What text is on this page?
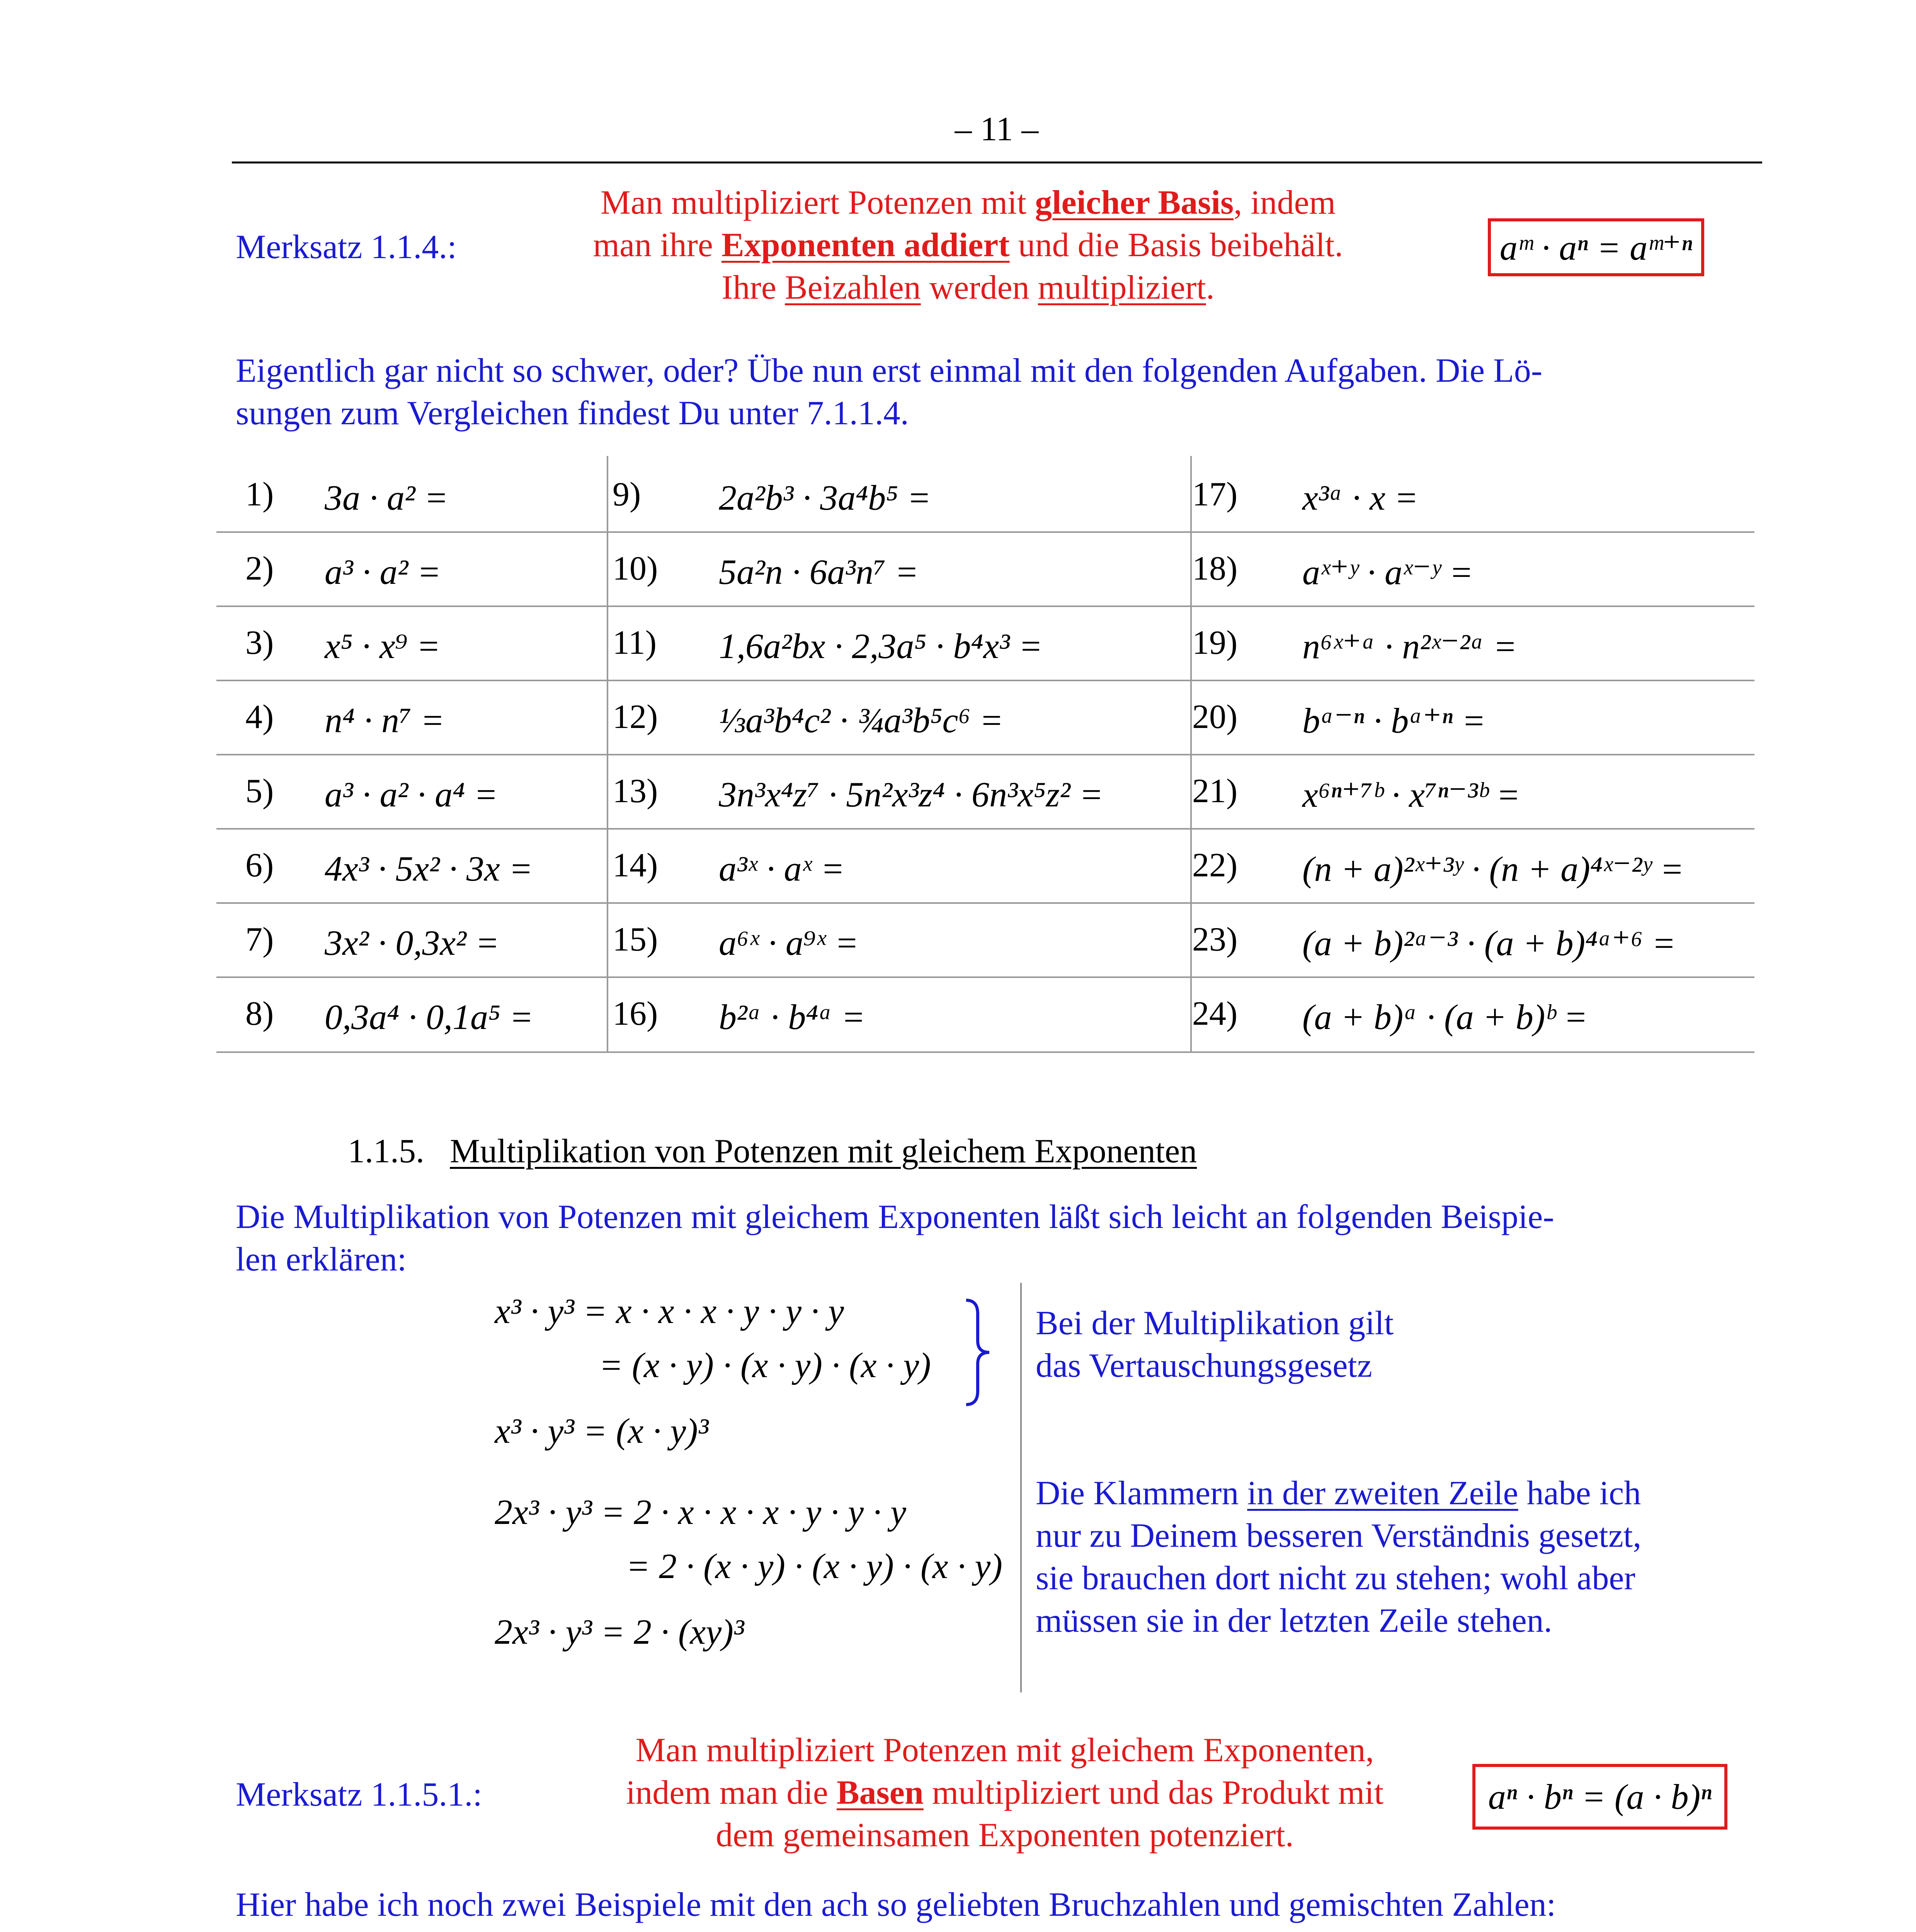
– 11 –
Merksatz 1.1.4.:
Man multipliziert Potenzen mit gleicher Basis, indem
man ihre Exponenten addiert und die Basis beibehält.
Ihre Beizahlen werden multipliziert.
aᵐ · aⁿ = aᵐ⁺ⁿ
Eigentlich gar nicht so schwer, oder? Übe nun erst einmal mit den folgenden Aufgaben. Die Lö-
sungen zum Vergleichen findest Du unter 7.1.1.4.
1) 3a · a² =
2) a³ · a² =
3) x⁵ · x⁹ =
4) n⁴ · n⁷ =
5) a³ · a² · a⁴ =
6) 4x³ · 5x² · 3x =
7) 3x² · 0,3x² =
8) 0,3a⁴ · 0,1a⁵ =
9) 2a²b³ · 3a⁴b⁵ =
10) 5a²n · 6a³n⁷ =
11) 1,6a²bx · 2,3a⁵ · b⁴x³ =
12) ⅓a³b⁴c² · ¾a³b⁵c⁶ =
13) 3n³x⁴z⁷ · 5n²x³z⁴ · 6n³x⁵z² =
14) a³ˣ · aˣ =
15) a⁶ˣ · a⁹ˣ =
16) b²ᵃ · b⁴ᵃ =
17) x³ᵃ · x =
18) aˣ⁺ʸ · aˣ⁻ʸ =
19) n⁶ˣ⁺ᵃ · n²ˣ⁻²ᵃ =
20) bᵃ⁻ⁿ · bᵃ⁺ⁿ =
21) x⁶ⁿ⁺⁷ᵇ · x⁷ⁿ⁻³ᵇ =
22) (n + a)²ˣ⁺³ʸ · (n + a)⁴ˣ⁻²ʸ =
23) (a + b)²ᵃ⁻³ · (a + b)⁴ᵃ⁺⁶ =
24) (a + b)ᵃ · (a + b)ᵇ =
1.1.5. Multiplikation von Potenzen mit gleichem Exponenten
Die Multiplikation von Potenzen mit gleichem Exponenten läßt sich leicht an folgenden Beispie-
len erklären:
x³ · y³ = x · x · x · y · y · y
= (x · y) · (x · y) · (x · y)
x³ · y³ = (x · y)³
2x³ · y³ = 2 · x · x · x · y · y · y
= 2 · (x · y) · (x · y) · (x · y)
2x³ · y³ = 2 · (xy)³
Bei der Multiplikation gilt
das Vertauschungsgesetz
Die Klammern in der zweiten Zeile habe ich
nur zu Deinem besseren Verständnis gesetzt,
sie brauchen dort nicht zu stehen; wohl aber
müssen sie in der letzten Zeile stehen.
Merksatz 1.1.5.1.:
Man multipliziert Potenzen mit gleichem Exponenten,
indem man die Basen multipliziert und das Produkt mit
dem gemeinsamen Exponenten potenziert.
aⁿ · bⁿ = (a · b)ⁿ
Hier habe ich noch zwei Beispiele mit den ach so geliebten Bruchzahlen und gemischten Zahlen:
